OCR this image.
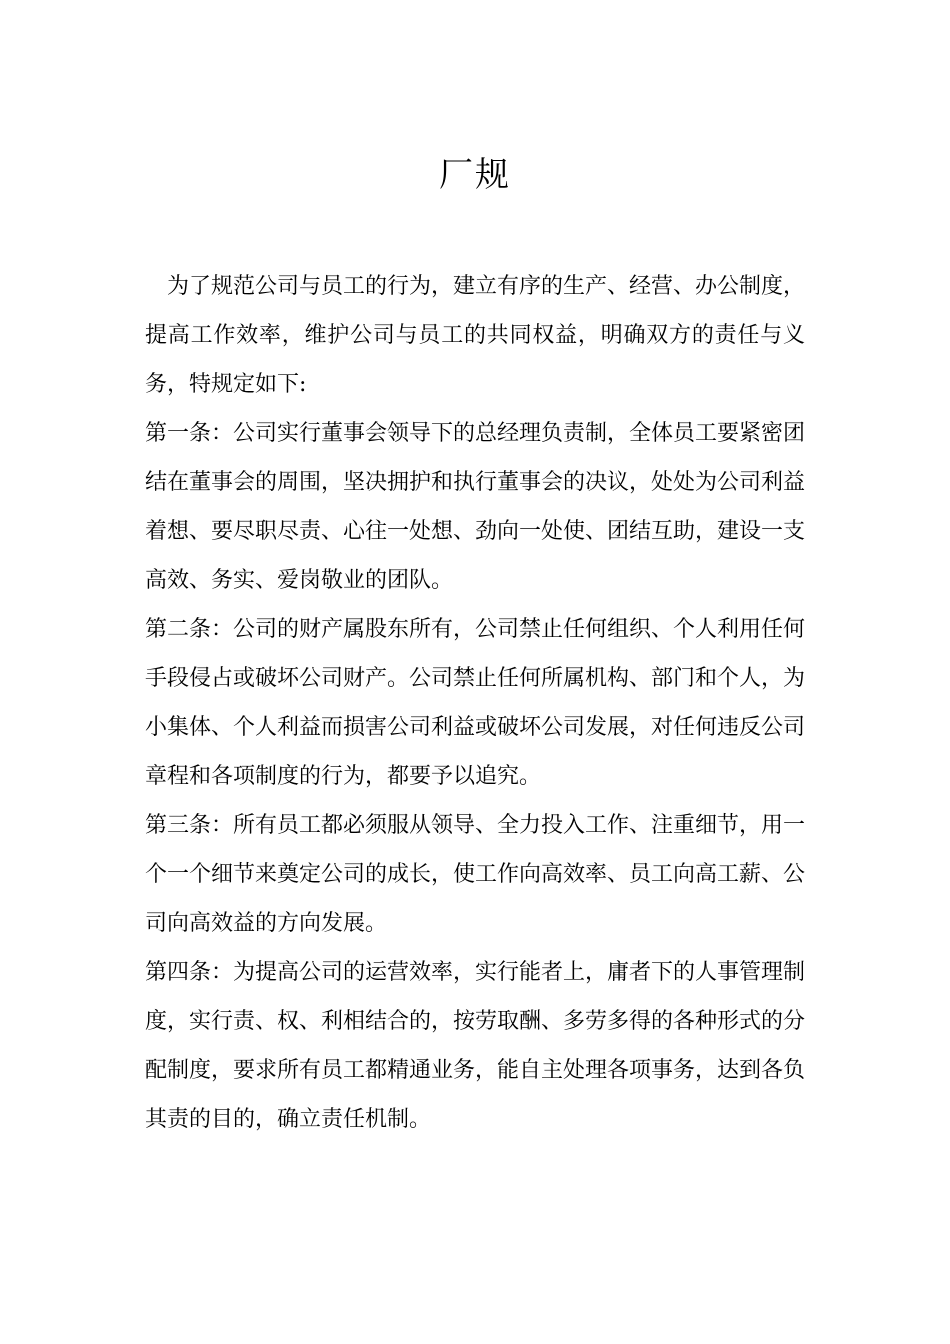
厂规

为了规范公司与员工的行为，建立有序的生产、经营、办公制度，提高工作效率，维护公司与员工的共同权益，明确双方的责任与义务，特规定如下:

第一条：公司实行董事会领导下的总经理负责制，全体员工要紧密团结在董事会的周围，坚决拥护和执行董事会的决议，处处为公司利益着想、要尽职尽责、心往一处想、劲向一处使、团结互助，建设一支高效、务实、爱岗敬业的团队。

第二条：公司的财产属股东所有，公司禁止任何组织、个人利用任何手段侵占或破坏公司财产。公司禁止任何所属机构、部门和个人，为小集体、个人利益而损害公司利益或破坏公司发展，对任何违反公司章程和各项制度的行为，都要予以追究。

第三条：所有员工都必须服从领导、全力投入工作、注重细节，用一个一个细节来奠定公司的成长，使工作向高效率、员工向高工薪、公司向高效益的方向发展。

第四条：为提高公司的运营效率，实行能者上，庸者下的人事管理制度，实行责、权、利相结合的，按劳取酬、多劳多得的各种形式的分配制度，要求所有员工都精通业务，能自主处理各项事务，达到各负其责的目的，确立责任机制。
